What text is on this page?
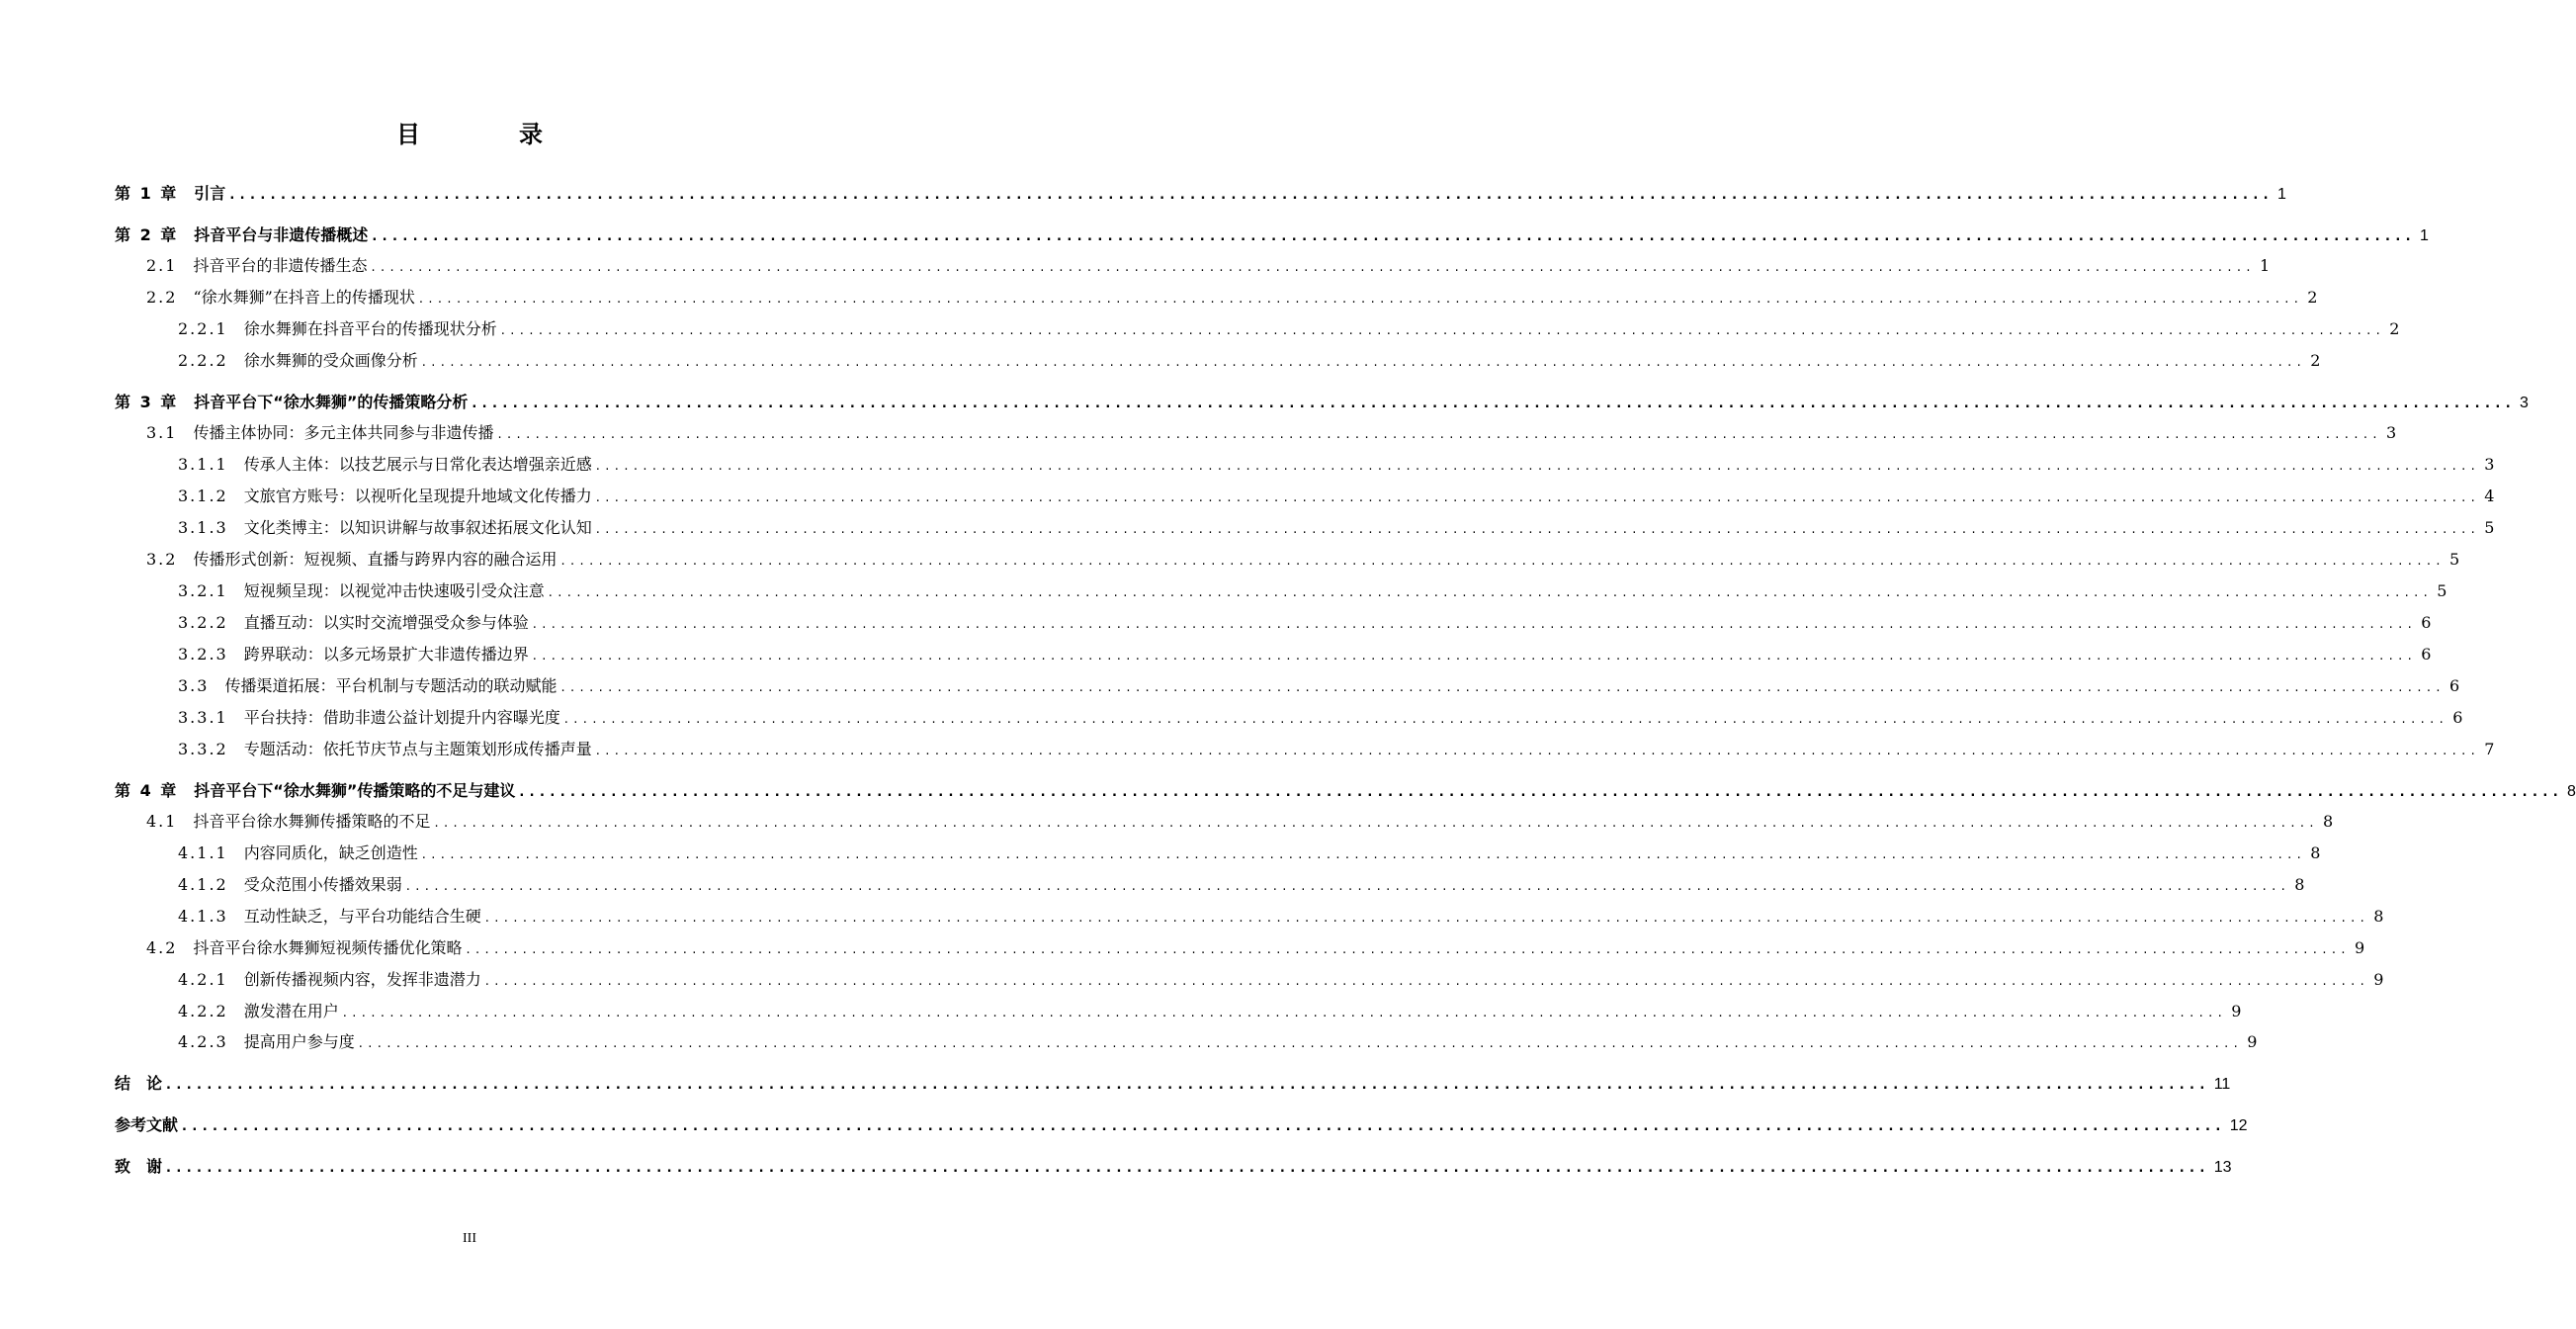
目　录
第 1 章　 引言 ........................................................................................................................................................................................................ 1
第 2 章　 抖音平台与非遗传播概述 ........................................................................................................................................................................................................ 1
2.1   抖音平台的非遗传播生态 ........................................................................................................................................................................................................ 1
2.2   “徐水舞狮”在抖音上的传播现状 ........................................................................................................................................................................................................ 2
2.2.1   徐水舞狮在抖音平台的传播现状分析 ........................................................................................................................................................................................................ 2
2.2.2   徐水舞狮的受众画像分析 ........................................................................................................................................................................................................ 2
第 3 章　 抖音平台下“徐水舞狮”的传播策略分析 ........................................................................................................................................................................................................ 3
3.1   传播主体协同：多元主体共同参与非遗传播 ........................................................................................................................................................................................................ 3
3.1.1   传承人主体：以技艺展示与日常化表达增强亲近感 ........................................................................................................................................................................................................ 3
3.1.2   文旅官方账号：以视听化呈现提升地域文化传播力 ........................................................................................................................................................................................................ 4
3.1.3   文化类博主：以知识讲解与故事叙述拓展文化认知 ........................................................................................................................................................................................................ 5
3.2   传播形式创新：短视频、直播与跨界内容的融合运用 ........................................................................................................................................................................................................ 5
3.2.1   短视频呈现：以视觉冲击快速吸引受众注意 ........................................................................................................................................................................................................ 5
3.2.2   直播互动：以实时交流增强受众参与体验 ........................................................................................................................................................................................................ 6
3.2.3   跨界联动：以多元场景扩大非遗传播边界 ........................................................................................................................................................................................................ 6
3.3   传播渠道拓展：平台机制与专题活动的联动赋能 ........................................................................................................................................................................................................ 6
3.3.1   平台扶持：借助非遗公益计划提升内容曝光度 ........................................................................................................................................................................................................ 6
3.3.2   专题活动：依托节庆节点与主题策划形成传播声量 ........................................................................................................................................................................................................ 7
第 4 章　 抖音平台下“徐水舞狮”传播策略的不足与建议 ........................................................................................................................................................................................................ 8
4.1   抖音平台徐水舞狮传播策略的不足 ........................................................................................................................................................................................................ 8
4.1.1   内容同质化，缺乏创造性 ........................................................................................................................................................................................................ 8
4.1.2   受众范围小传播效果弱 ........................................................................................................................................................................................................ 8
4.1.3   互动性缺乏，与平台功能结合生硬 ........................................................................................................................................................................................................ 8
4.2   抖音平台徐水舞狮短视频传播优化策略 ........................................................................................................................................................................................................ 9
4.2.1   创新传播视频内容，发挥非遗潜力 ........................................................................................................................................................................................................ 9
4.2.2   激发潜在用户 ........................................................................................................................................................................................................ 9
4.2.3   提高用户参与度 ........................................................................................................................................................................................................ 9
结　论 ........................................................................................................................................................................................................ 11
参考文献 ........................................................................................................................................................................................................ 12
致　谢 ........................................................................................................................................................................................................ 13
III
